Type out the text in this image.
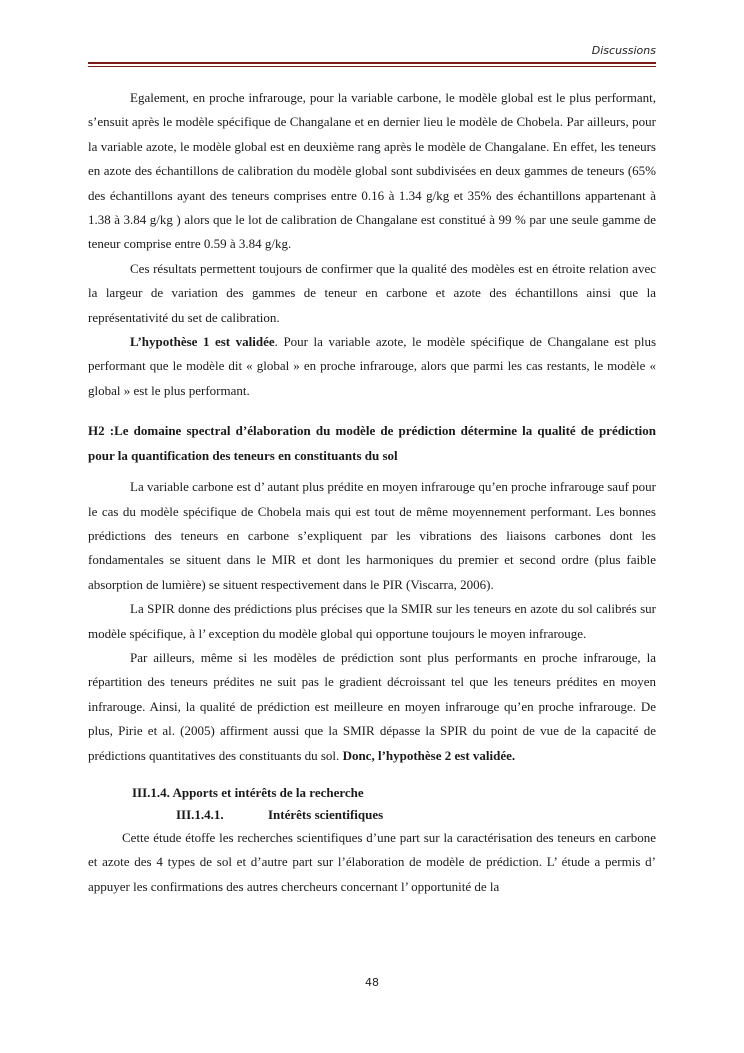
Discussions

Egalement, en proche infrarouge, pour la variable carbone, le modèle global est le plus performant, s’ensuit après le modèle spécifique de Changalane et en dernier lieu le modèle de Chobela. Par ailleurs, pour la variable azote, le modèle global est en deuxième rang après le modèle de Changalane. En effet, les teneurs en azote des échantillons de calibration du modèle global sont subdivisées en deux gammes de teneurs (65% des échantillons ayant des teneurs comprises entre 0.16 à 1.34 g/kg et 35% des échantillons appartenant à 1.38 à 3.84 g/kg ) alors que le lot de calibration de Changalane est constitué à 99 % par une seule gamme de teneur comprise entre 0.59 à 3.84 g/kg.

Ces résultats permettent toujours de confirmer que la qualité des modèles est en étroite relation avec la largeur de variation des gammes de teneur en carbone et azote des échantillons ainsi que la représentativité du set de calibration.

L’hypothèse 1 est validée. Pour la variable azote, le modèle spécifique de Changalane est plus performant que le modèle dit « global » en proche infrarouge, alors que parmi les cas restants, le modèle « global » est le plus performant.

H2 :Le domaine spectral d’élaboration du modèle de prédiction détermine la qualité de prédiction pour la quantification des teneurs en constituants du sol

La variable carbone est d’ autant plus prédite en moyen infrarouge qu’en proche infrarouge sauf pour le cas du modèle spécifique de Chobela mais qui est tout de même moyennement performant. Les bonnes prédictions des teneurs en carbone s’expliquent par les vibrations des liaisons carbones dont les fondamentales se situent dans le MIR et dont les harmoniques du premier et second ordre (plus faible absorption de lumière) se situent respectivement dans le PIR (Viscarra, 2006).

La SPIR donne des prédictions plus précises que la SMIR sur les teneurs en azote du sol calibrés sur modèle spécifique, à l’ exception du modèle global qui opportune toujours le moyen infrarouge.

Par ailleurs, même si les modèles de prédiction sont plus performants en proche infrarouge, la répartition des teneurs prédites ne suit pas le gradient décroissant tel que les teneurs prédites en moyen infrarouge. Ainsi, la qualité de prédiction est meilleure en moyen infrarouge qu’en proche infrarouge. De plus, Pirie et al. (2005) affirment aussi que la SMIR dépasse la SPIR du point de vue de la capacité de prédictions quantitatives des constituants du sol. Donc, l’hypothèse 2 est validée.

III.1.4. Apports et intérêts de la recherche

III.1.4.1.	Intérêts scientifiques

Cette étude étoffe les recherches scientifiques d’une part sur la caractérisation des teneurs en carbone et azote des 4 types de sol et d’autre part sur l’élaboration de modèle de prédiction. L’ étude a permis d’ appuyer les confirmations des autres chercheurs concernant l’ opportunité de la

48
